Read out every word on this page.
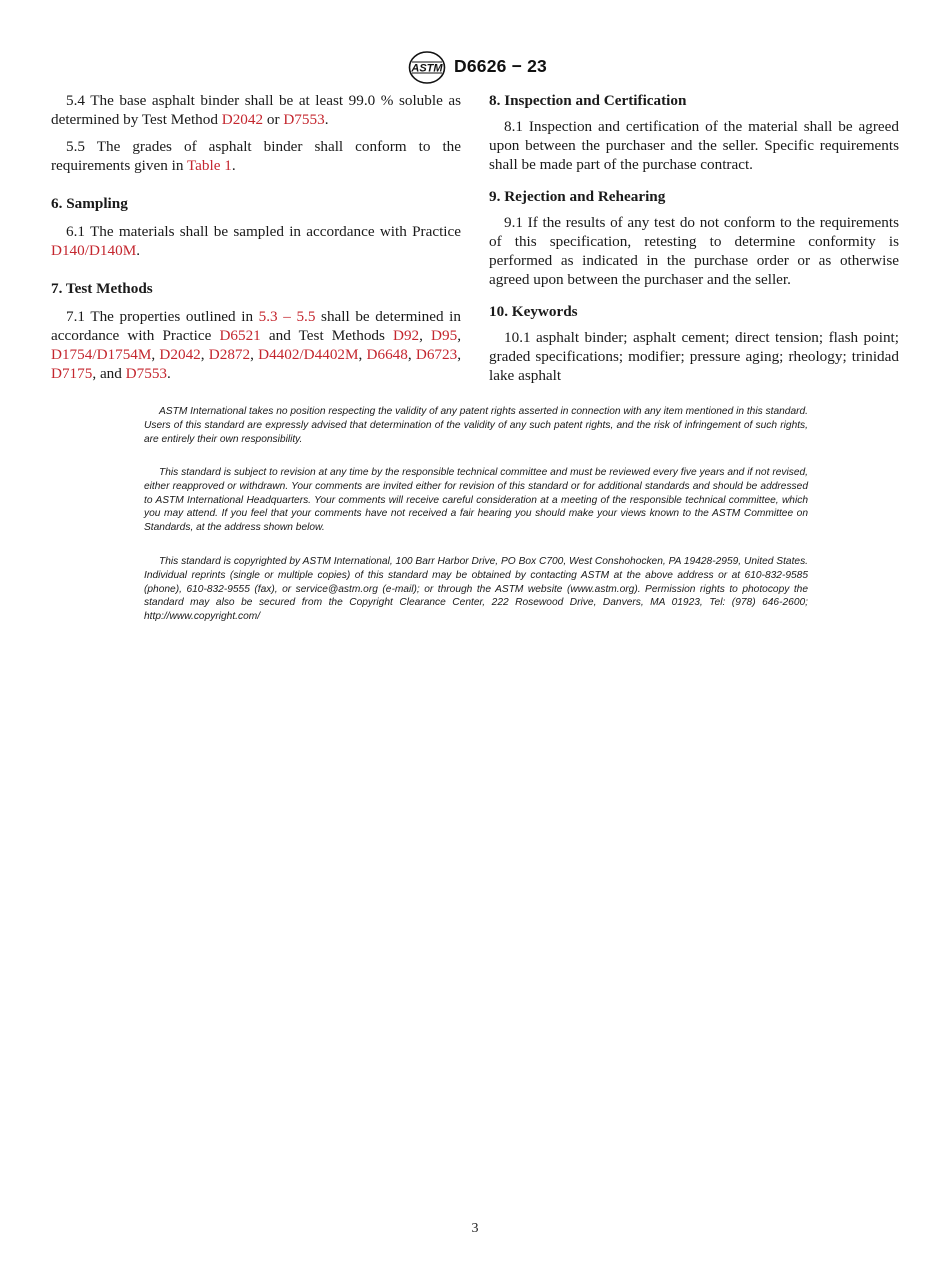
ASTM D6626 − 23

5.4 The base asphalt binder shall be at least 99.0 % soluble as determined by Test Method D2042 or D7553.

5.5 The grades of asphalt binder shall conform to the requirements given in Table 1.

6. Sampling

6.1 The materials shall be sampled in accordance with Practice D140/D140M.

7. Test Methods

7.1 The properties outlined in 5.3 – 5.5 shall be determined in accordance with Practice D6521 and Test Methods D92, D95, D1754/D1754M, D2042, D2872, D4402/D4402M, D6648, D6723, D7175, and D7553.

8. Inspection and Certification

8.1 Inspection and certification of the material shall be agreed upon between the purchaser and the seller. Specific requirements shall be made part of the purchase contract.

9. Rejection and Rehearing

9.1 If the results of any test do not conform to the requirements of this specification, retesting to determine conformity is performed as indicated in the purchase order or as otherwise agreed upon between the purchaser and the seller.

10. Keywords

10.1 asphalt binder; asphalt cement; direct tension; flash point; graded specifications; modifier; pressure aging; rheology; trinidad lake asphalt

ASTM International takes no position respecting the validity of any patent rights asserted in connection with any item mentioned in this standard. Users of this standard are expressly advised that determination of the validity of any such patent rights, and the risk of infringement of such rights, are entirely their own responsibility.

This standard is subject to revision at any time by the responsible technical committee and must be reviewed every five years and if not revised, either reapproved or withdrawn. Your comments are invited either for revision of this standard or for additional standards and should be addressed to ASTM International Headquarters. Your comments will receive careful consideration at a meeting of the responsible technical committee, which you may attend. If you feel that your comments have not received a fair hearing you should make your views known to the ASTM Committee on Standards, at the address shown below.

This standard is copyrighted by ASTM International, 100 Barr Harbor Drive, PO Box C700, West Conshohocken, PA 19428-2959, United States. Individual reprints (single or multiple copies) of this standard may be obtained by contacting ASTM at the above address or at 610-832-9585 (phone), 610-832-9555 (fax), or service@astm.org (e-mail); or through the ASTM website (www.astm.org). Permission rights to photocopy the standard may also be secured from the Copyright Clearance Center, 222 Rosewood Drive, Danvers, MA 01923, Tel: (978) 646-2600; http://www.copyright.com/

3
